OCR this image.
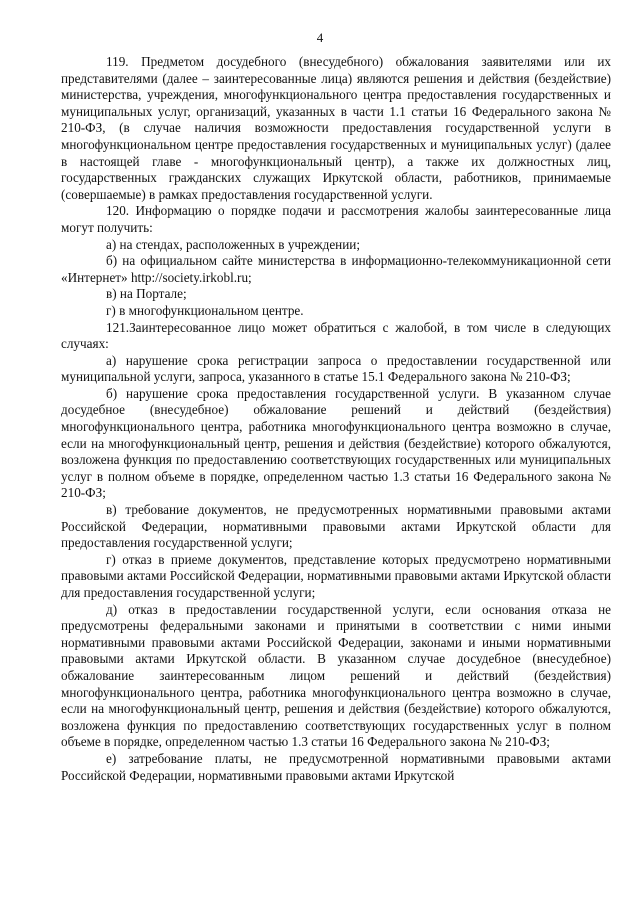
4

119. Предметом досудебного (внесудебного) обжалования заявителями или их представителями (далее – заинтересованные лица) являются решения и действия (бездействие) министерства, учреждения, многофункционального центра предоставления государственных и муниципальных услуг, организаций, указанных в части 1.1 статьи 16 Федерального закона № 210-ФЗ, (в случае наличия возможности предоставления государственной услуги в многофункциональном центре предоставления государственных и муниципальных услуг) (далее в настоящей главе - многофункциональный центр), а также их должностных лиц, государственных гражданских служащих Иркутской области, работников, принимаемые (совершаемые) в рамках предоставления государственной услуги.

120. Информацию о порядке подачи и рассмотрения жалобы заинтересованные лица могут получить:

а) на стендах, расположенных в учреждении;

б) на официальном сайте министерства в информационно-телекоммуникационной сети «Интернет» http://society.irkobl.ru;

в) на Портале;

г) в многофункциональном центре.

121.Заинтересованное лицо может обратиться с жалобой, в том числе в следующих случаях:

а) нарушение срока регистрации запроса о предоставлении государственной или муниципальной услуги, запроса, указанного в статье 15.1 Федерального закона № 210-ФЗ;

б) нарушение срока предоставления государственной услуги. В указанном случае досудебное (внесудебное) обжалование решений и действий (бездействия) многофункционального центра, работника многофункционального центра возможно в случае, если на многофункциональный центр, решения и действия (бездействие) которого обжалуются, возложена функция по предоставлению соответствующих государственных или муниципальных услуг в полном объеме в порядке, определенном частью 1.3 статьи 16 Федерального закона № 210-ФЗ;

в) требование документов, не предусмотренных нормативными правовыми актами Российской Федерации, нормативными правовыми актами Иркутской области для предоставления государственной услуги;

г) отказ в приеме документов, представление которых предусмотрено нормативными правовыми актами Российской Федерации, нормативными правовыми актами Иркутской области для предоставления государственной услуги;

д) отказ в предоставлении государственной услуги, если основания отказа не предусмотрены федеральными законами и принятыми в соответствии с ними иными нормативными правовыми актами Российской Федерации, законами и иными нормативными правовыми актами Иркутской области. В указанном случае досудебное (внесудебное) обжалование заинтересованным лицом решений и действий (бездействия) многофункционального центра, работника многофункционального центра возможно в случае, если на многофункциональный центр, решения и действия (бездействие) которого обжалуются, возложена функция по предоставлению соответствующих государственных услуг в полном объеме в порядке, определенном частью 1.3 статьи 16 Федерального закона № 210-ФЗ;

е) затребование платы, не предусмотренной нормативными правовыми актами Российской Федерации, нормативными правовыми актами Иркутской
